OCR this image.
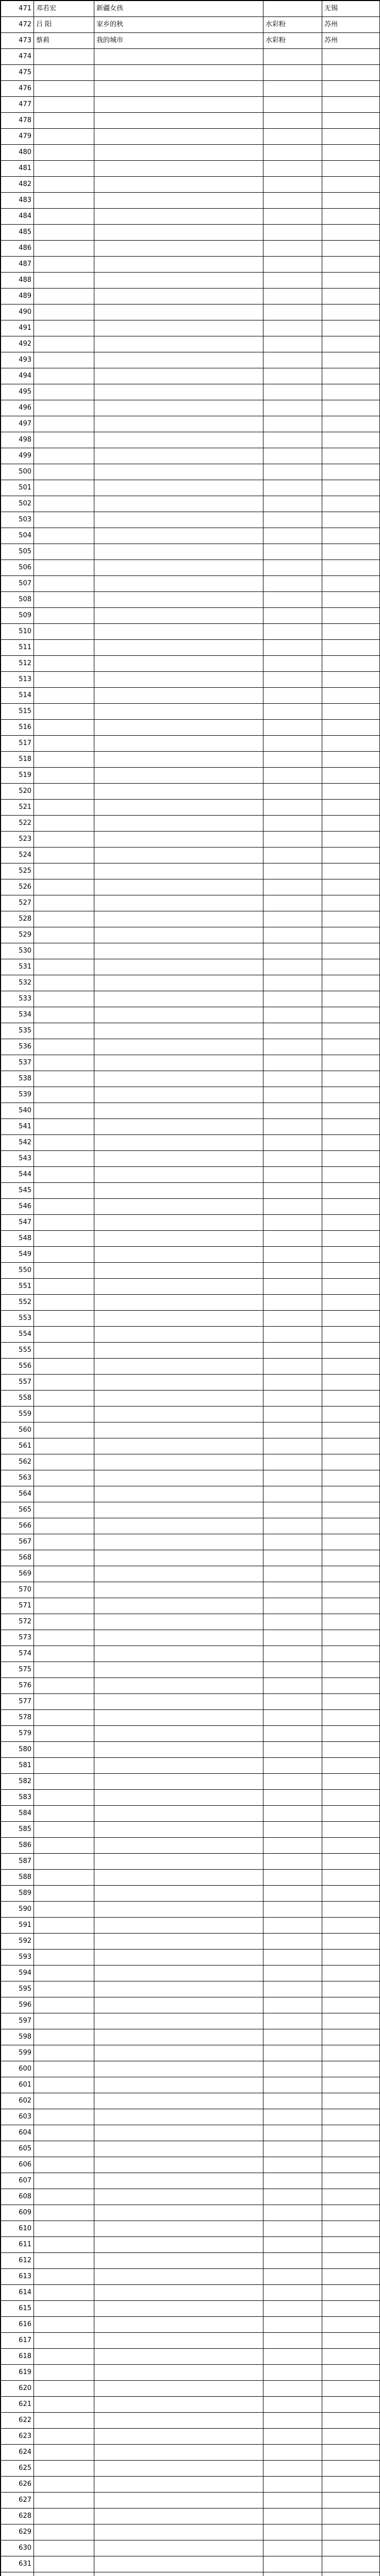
471	邓若宏	新疆女孩		无锡
472	吕 阳	家乡的秋	水彩粉	苏州
473	蔡莉	我的城市	水彩粉	苏州
474				
475				
476				
477				
478				
479				
480				
481				
482				
483				
484				
485				
486				
487				
488				
489				
490				
491				
492				
493				
494				
495				
496				
497				
498				
499				
500				
501				
502				
503				
504				
505				
506				
507				
508				
509				
510				
511				
512				
513				
514				
515				
516				
517				
518				
519				
520				
521				
522				
523				
524				
525				
526				
527				
528				
529				
530				
531				
532				
533				
534				
535				
536				
537				
538				
539				
540				
541				
542				
543				
544				
545				
546				
547				
548				
549				
550				
551				
552				
553				
554				
555				
556				
557				
558				
559				
560				
561				
562				
563				
564				
565				
566				
567				
568				
569				
570				
571				
572				
573				
574				
575				
576				
577				
578				
579				
580				
581				
582				
583				
584				
585				
586				
587				
588				
589				
590				
591				
592				
593				
594				
595				
596				
597				
598				
599				
600				
601				
602				
603				
604				
605				
606				
607				
608				
609				
610				
611				
612				
613				
614				
615				
616				
617				
618				
619				
620				
621				
622				
623				
624				
625				
626				
627				
628				
629				
630				
631				
